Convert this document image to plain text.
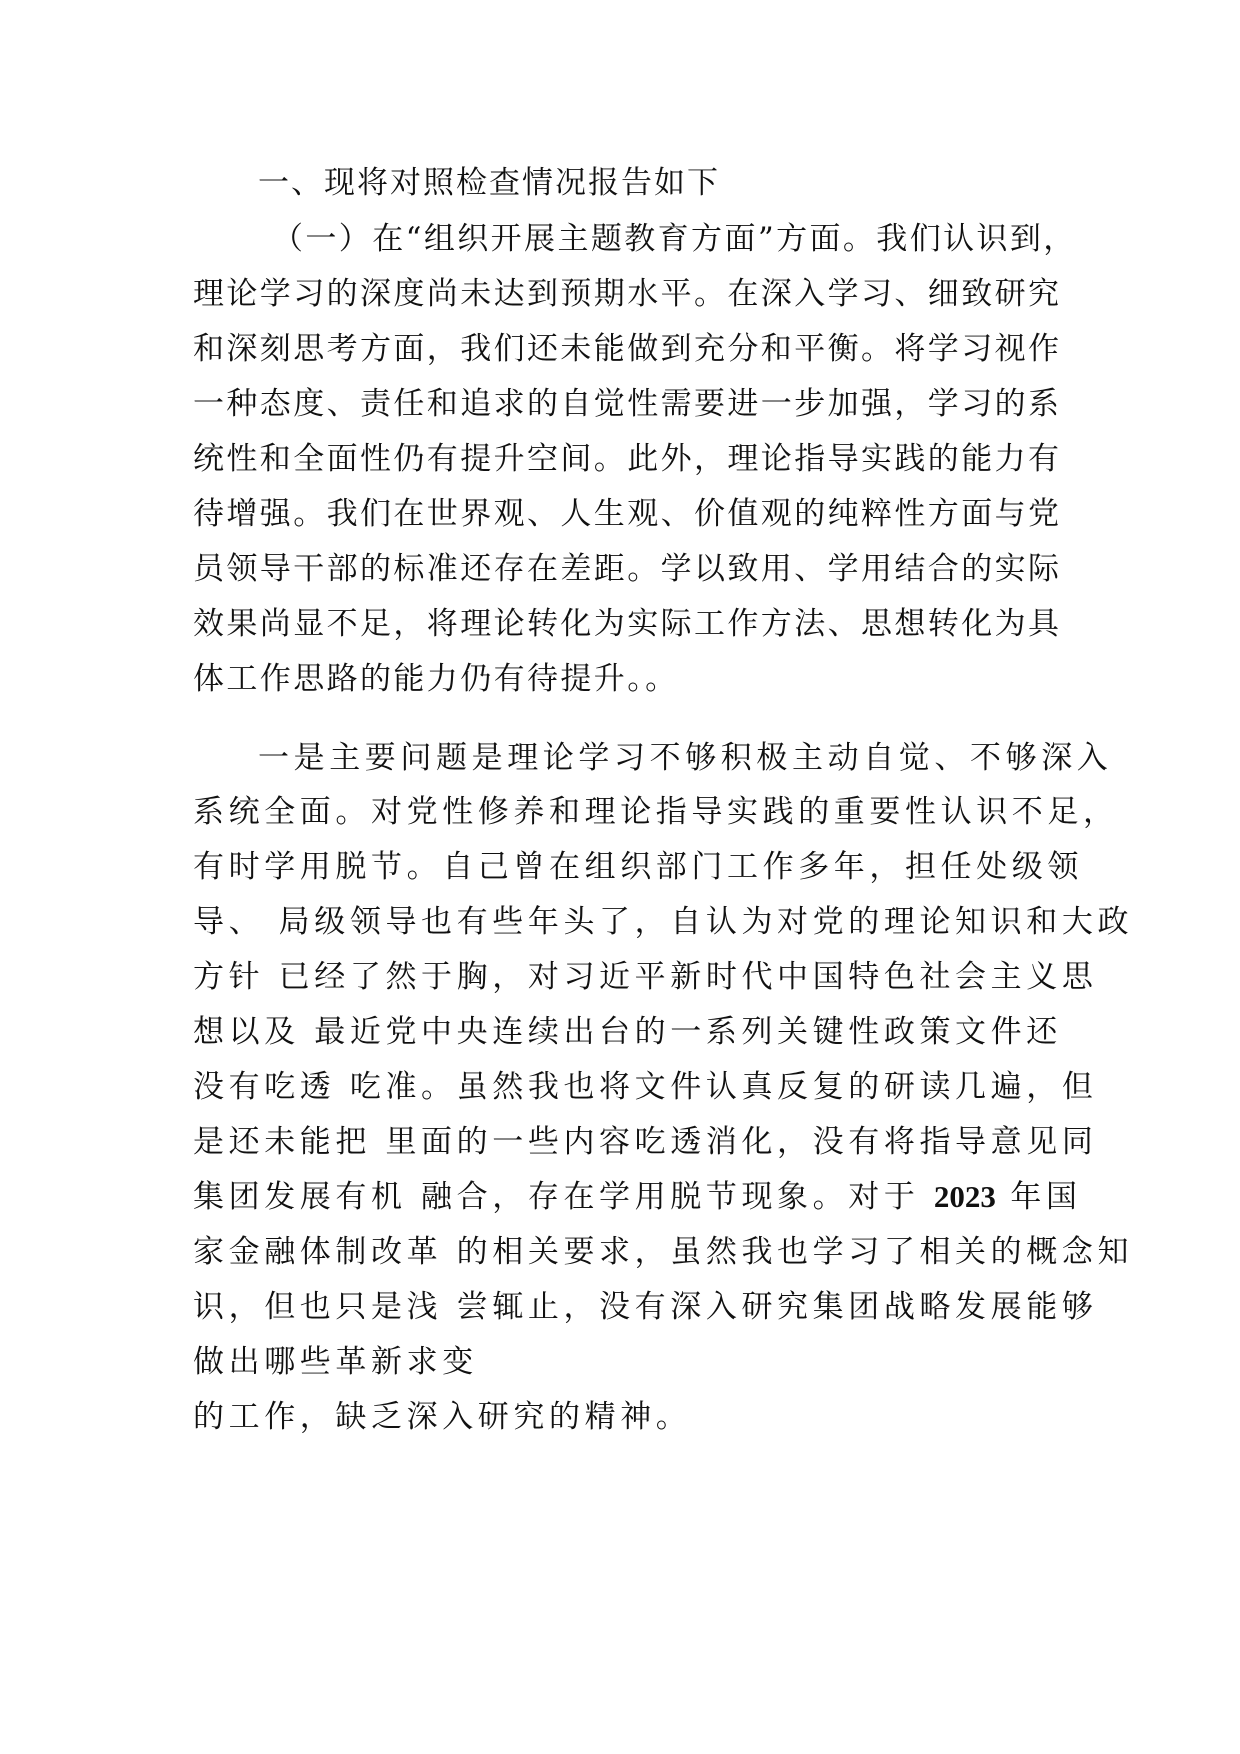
一、现将对照检查情况报告如下
（一）在“组织开展主题教育方面”方面。我们认识到，
理论学习的深度尚未达到预期水平。在深入学习、细致研究
和深刻思考方面，我们还未能做到充分和平衡。将学习视作
一种态度、责任和追求的自觉性需要进一步加强，学习的系
统性和全面性仍有提升空间。此外，理论指导实践的能力有
待增强。我们在世界观、人生观、价值观的纯粹性方面与党
员领导干部的标准还存在差距。学以致用、学用结合的实际
效果尚显不足，将理论转化为实际工作方法、思想转化为具
体工作思路的能力仍有待提升。。
一是主要问题是理论学习不够积极主动自觉、不够深入
系统全面。对党性修养和理论指导实践的重要性认识不足，
有时学用脱节。自己曾在组织部门工作多年，担任处级领
导、 局级领导也有些年头了，自认为对党的理论知识和大政
方针 已经了然于胸，对习近平新时代中国特色社会主义思
想以及 最近党中央连续出台的一系列关键性政策文件还
没有吃透 吃准。虽然我也将文件认真反复的研读几遍，但
是还未能把 里面的一些内容吃透消化，没有将指导意见同
集团发展有机 融合，存在学用脱节现象。对于 2023 年国
家金融体制改革 的相关要求，虽然我也学习了相关的概念知
识，但也只是浅 尝辄止，没有深入研究集团战略发展能够
做出哪些革新求变
的工作，缺乏深入研究的精神。
